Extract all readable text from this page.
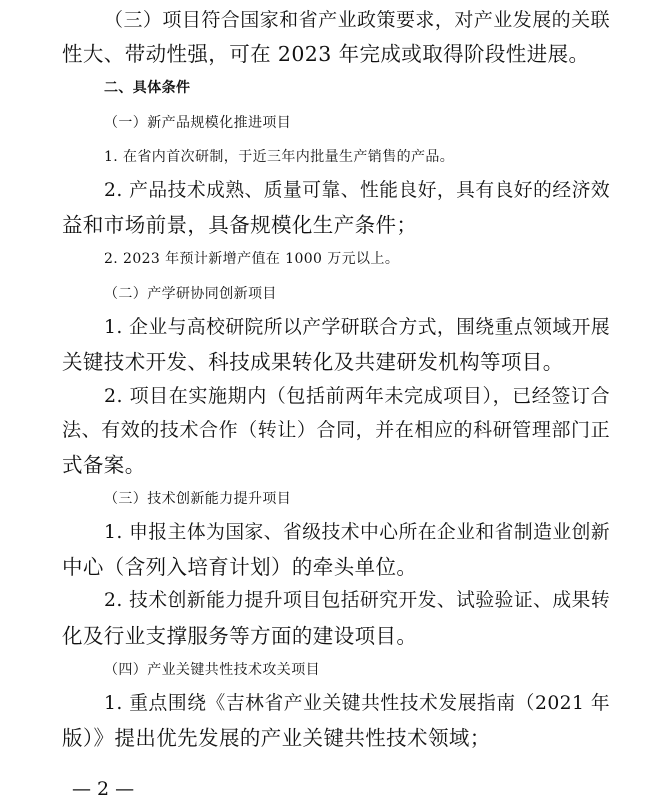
（三）项目符合国家和省产业政策要求，对产业发展的关联
性大、带动性强，可在 2023 年完成或取得阶段性进展。
二、具体条件
（一）新产品规模化推进项目
1. 在省内首次研制，于近三年内批量生产销售的产品。
2. 产品技术成熟、质量可靠、性能良好，具有良好的经济效
益和市场前景，具备规模化生产条件；
2. 2023 年预计新增产值在 1000 万元以上。
（二）产学研协同创新项目
1. 企业与高校研院所以产学研联合方式，围绕重点领域开展
关键技术开发、科技成果转化及共建研发机构等项目。
2. 项目在实施期内（包括前两年未完成项目），已经签订合
法、有效的技术合作（转让）合同，并在相应的科研管理部门正
式备案。
（三）技术创新能力提升项目
1. 申报主体为国家、省级技术中心所在企业和省制造业创新
中心（含列入培育计划）的牵头单位。
2. 技术创新能力提升项目包括研究开发、试验验证、成果转
化及行业支撑服务等方面的建设项目。
（四）产业关键共性技术攻关项目
1. 重点围绕《吉林省产业关键共性技术发展指南（2021 年
版）》提出优先发展的产业关键共性技术领域；
— 2 —
